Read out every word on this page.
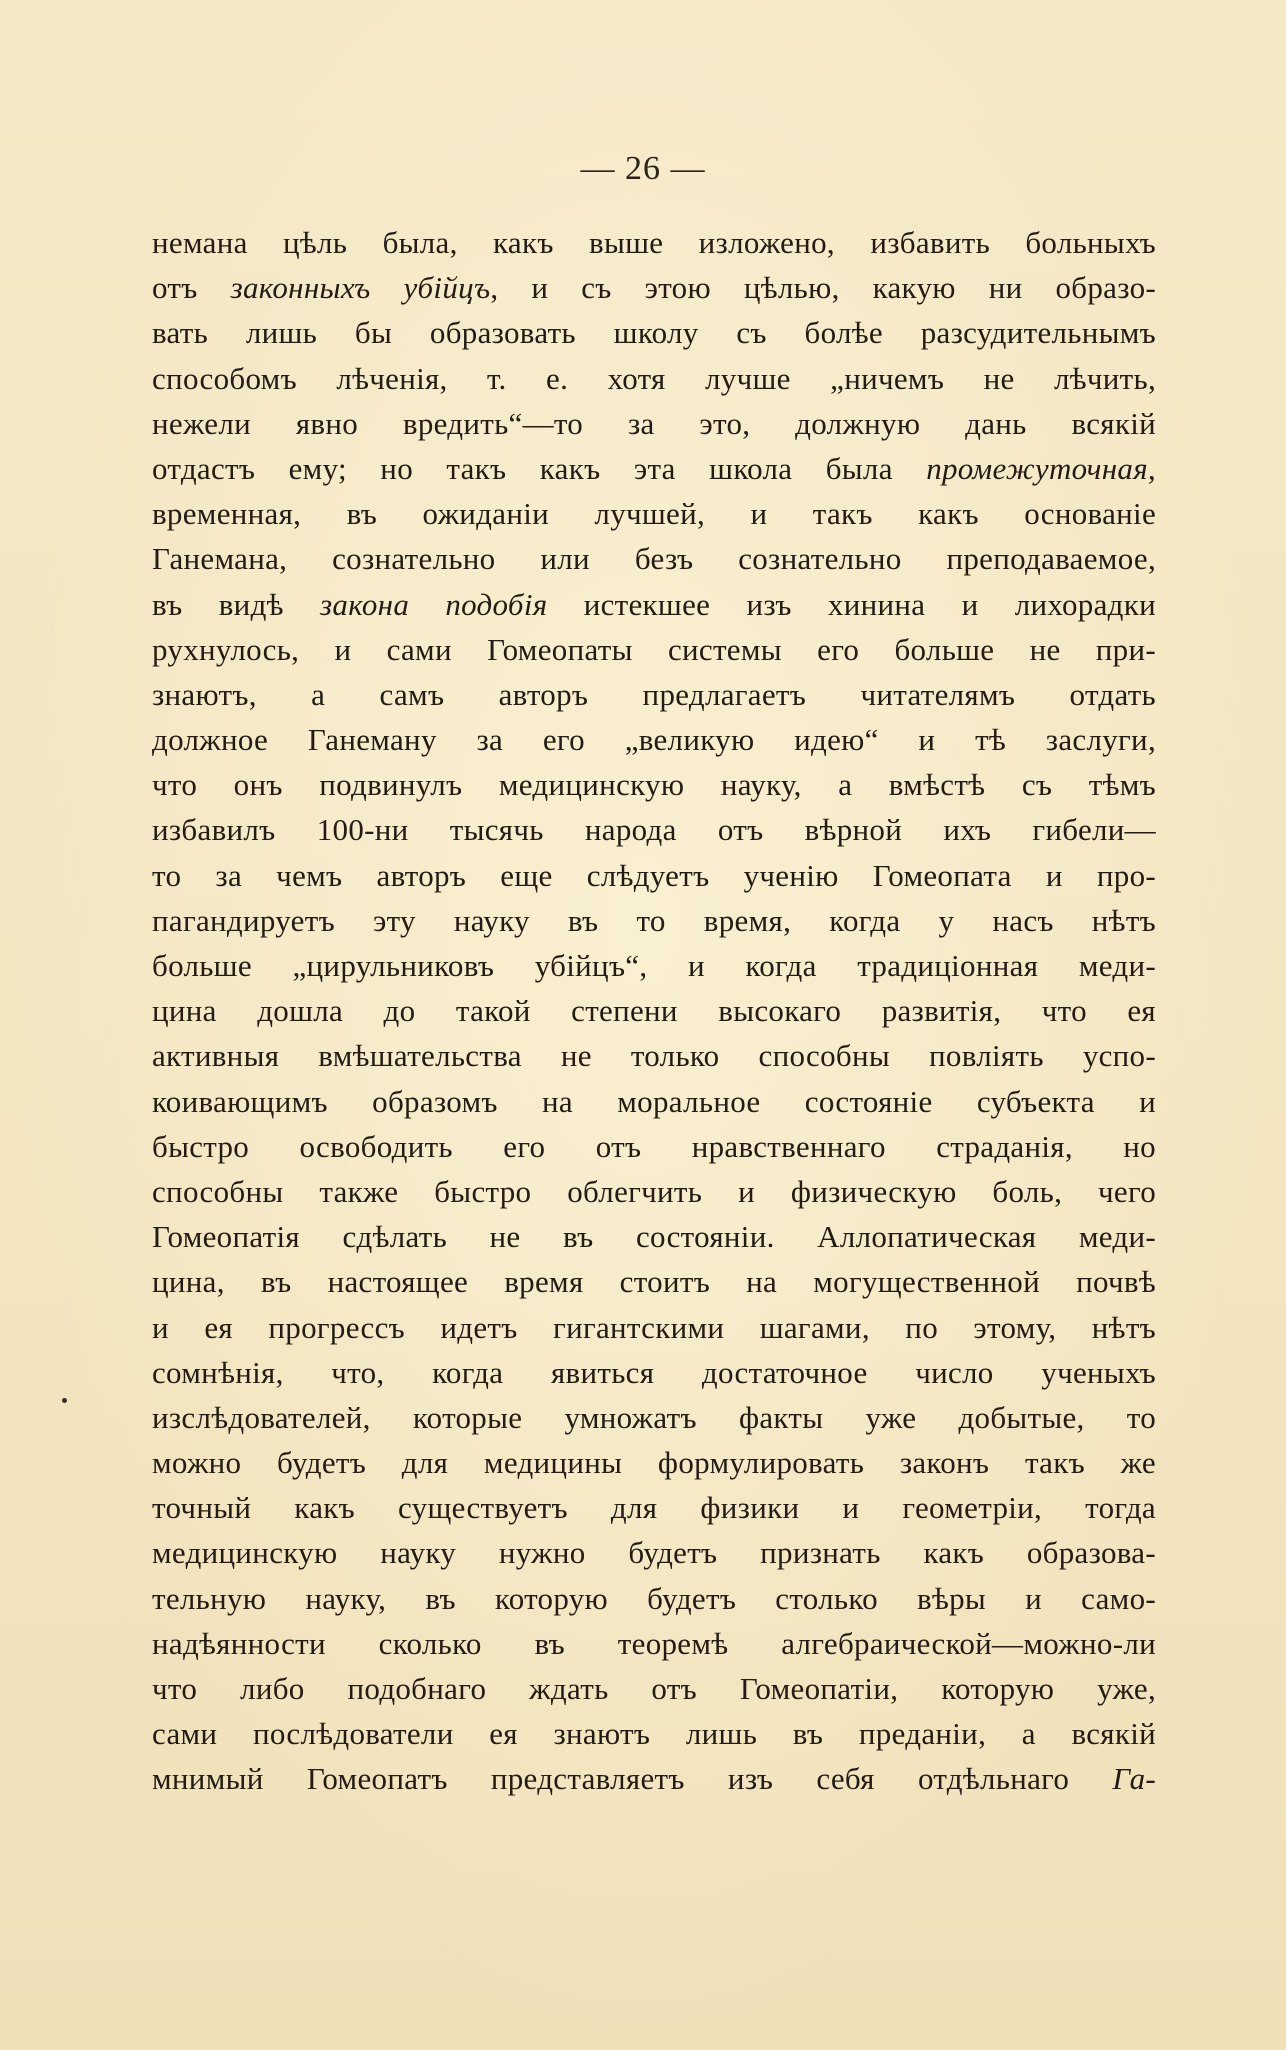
— 26 —
немана цѣль была, какъ выше изложено, избавить больныхъ
отъ законныхъ убійцъ, и съ этою цѣлью, какую ни образо-
вать лишь бы образовать школу съ болѣе разсудительнымъ
способомъ лѣченія, т. е. хотя лучше „ничемъ не лѣчить,
нежели явно вредить“—то за это, должную дань всякій
отдастъ ему; но такъ какъ эта школа была промежуточная,
временная, въ ожиданіи лучшей, и такъ какъ основаніе
Ганемана, сознательно или безъ сознательно преподаваемое,
въ видѣ закона подобія истекшее изъ хинина и лихорадки
рухнулось, и сами Гомеопаты системы его больше не при-
знаютъ, а самъ авторъ предлагаетъ читателямъ отдать
должное Ганеману за его „великую идею“ и тѣ заслуги,
что онъ подвинулъ медицинскую науку, а вмѣстѣ съ тѣмъ
избавилъ 100-ни тысячь народа отъ вѣрной ихъ гибели—
то за чемъ авторъ еще слѣдуетъ ученію Гомеопата и про-
пагандируетъ эту науку въ то время, когда у насъ нѣтъ
больше „цирульниковъ убійцъ“, и когда традиціонная меди-
цина дошла до такой степени высокаго развитія, что ея
активныя вмѣшательства не только способны повліять успо-
коивающимъ образомъ на моральное состояніе субъекта и
быстро освободить его отъ нравственнаго страданія, но
способны также быстро облегчить и физическую боль, чего
Гомеопатія сдѣлать не въ состояніи. Аллопатическая меди-
цина, въ настоящее время стоитъ на могущественной почвѣ
и ея прогрессъ идетъ гигантскими шагами, по этому, нѣтъ
сомнѣнія, что, когда явиться достаточное число ученыхъ
изслѣдователей, которые умножатъ факты уже добытые, то
можно будетъ для медицины формулировать законъ такъ же
точный какъ существуетъ для физики и геометріи, тогда
медицинскую науку нужно будетъ признать какъ образова-
тельную науку, въ которую будетъ столько вѣры и само-
надѣянности сколько въ теоремѣ алгебраической—можно-ли
что либо подобнаго ждать отъ Гомеопатіи, которую уже,
сами послѣдователи ея знаютъ лишь въ преданіи, а всякій
мнимый Гомеопатъ представляетъ изъ себя отдѣльнаго Га-
